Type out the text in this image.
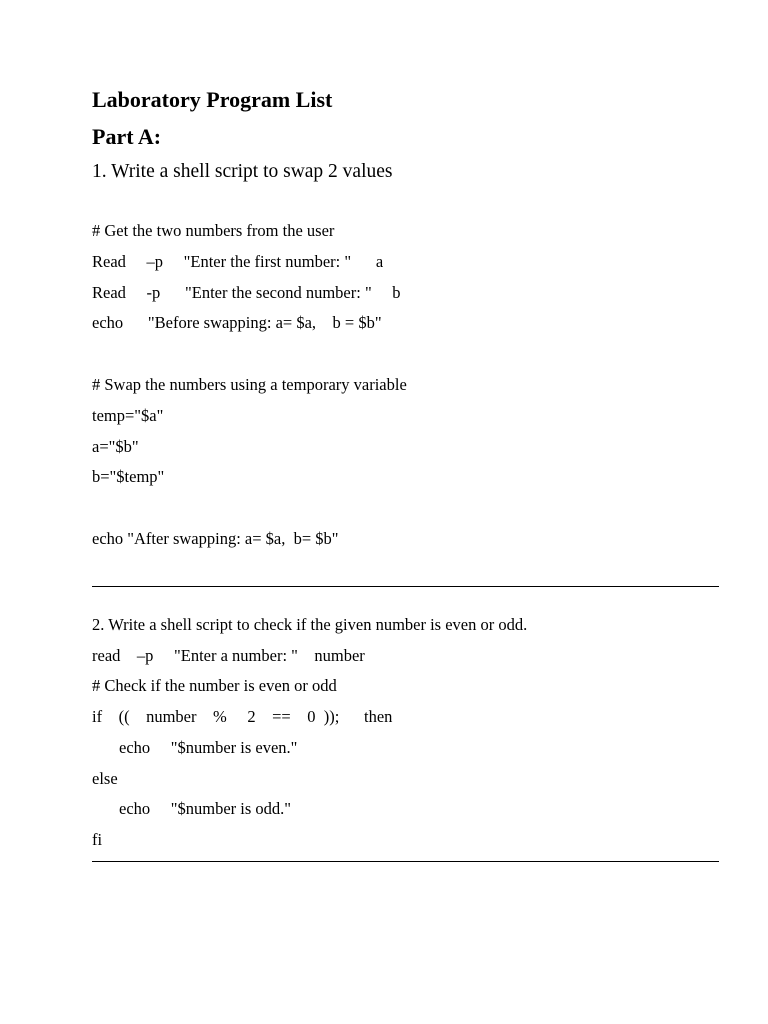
Laboratory Program List
Part A:
1. Write a shell script to swap 2 values
# Get the two numbers from the user
Read     –p     "Enter the first number: "      a
Read     -p      "Enter the second number: "     b
echo      "Before swapping: a= $a,    b = $b"
# Swap the numbers using a temporary variable
temp="$a"
a="$b"
b="$temp"
echo "After swapping: a= $a,  b= $b"
2. Write a shell script to check if the given number is even or odd.
read    –p     "Enter a number: "    number
# Check if the number is even or odd
if    ((    number    %     2    ==    0  ));      then
echo     "$number is even."
else
echo     "$number is odd."
fi
